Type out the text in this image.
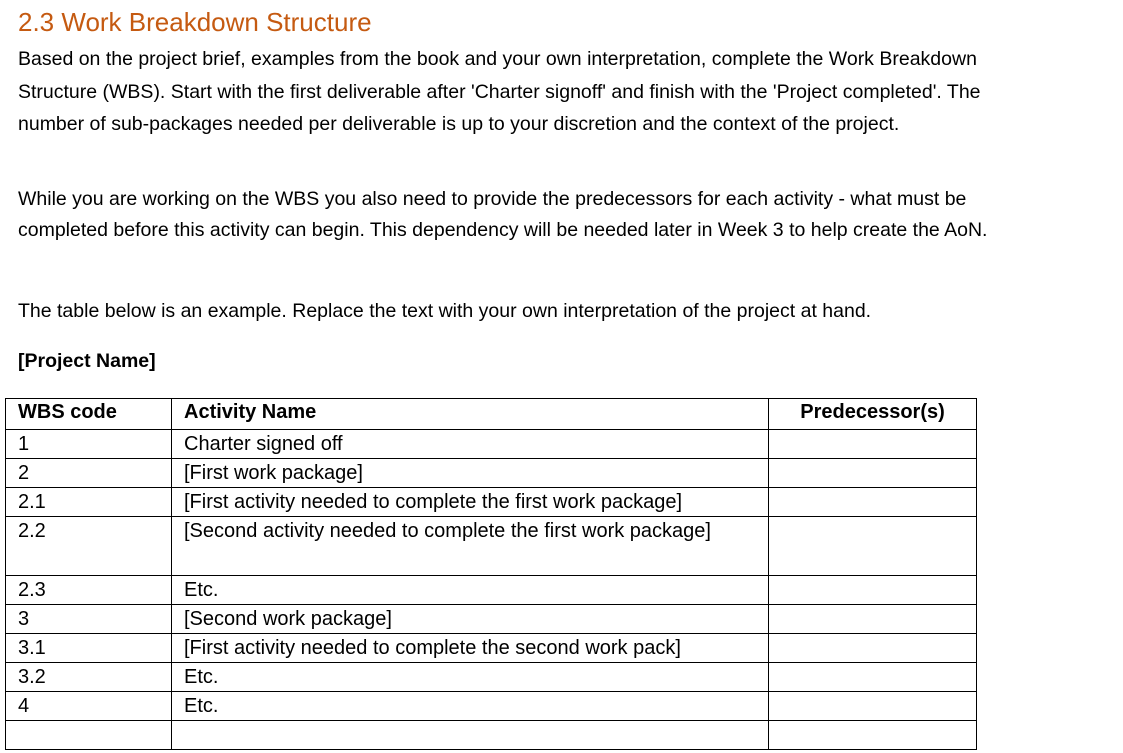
2.3 Work Breakdown Structure

Based on the project brief, examples from the book and your own interpretation, complete the Work Breakdown Structure (WBS). Start with the first deliverable after 'Charter signoff' and finish with the 'Project completed'. The number of sub-packages needed per deliverable is up to your discretion and the context of the project.

While you are working on the WBS you also need to provide the predecessors for each activity - what must be completed before this activity can begin. This dependency will be needed later in Week 3 to help create the AoN.

The table below is an example. Replace the text with your own interpretation of the project at hand.

[Project Name]

WBS code	Activity Name	Predecessor(s)
1	Charter signed off	
2	[First work package]	
2.1	[First activity needed to complete the first work package]	
2.2	[Second activity needed to complete the first work package]	
2.3	Etc.	
3	[Second work package]	
3.1	[First activity needed to complete the second work pack]	
3.2	Etc.	
4	Etc.	
